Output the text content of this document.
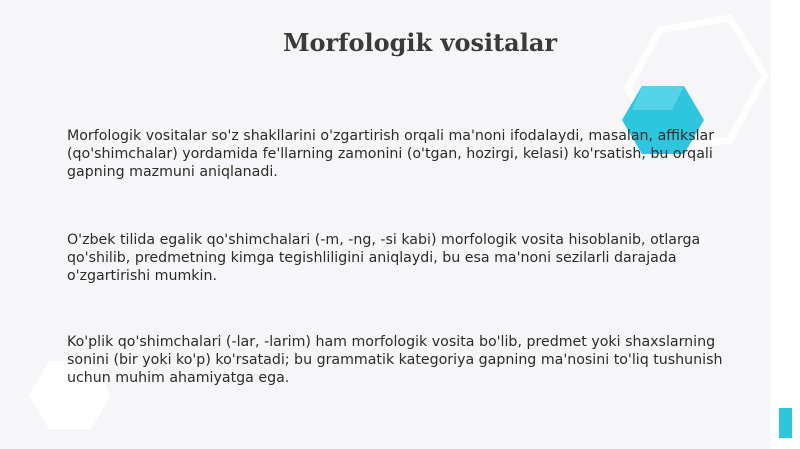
Morfologik vositalar

Morfologik vositalar so'z shakllarini o'zgartirish orqali ma'noni ifodalaydi, masalan, affikslar (qo'shimchalar) yordamida fe'llarning zamonini (o'tgan, hozirgi, kelasi) ko'rsatish, bu orqali gapning mazmuni aniqlanadi.

O'zbek tilida egalik qo'shimchalari (-m, -ng, -si kabi) morfologik vosita hisoblanib, otlarga qo'shilib, predmetning kimga tegishliligini aniqlaydi, bu esa ma'noni sezilarli darajada o'zgartirishi mumkin.

Ko'plik qo'shimchalari (-lar, -larim) ham morfologik vosita bo'lib, predmet yoki shaxslarning sonini (bir yoki ko'p) ko'rsatadi; bu grammatik kategoriya gapning ma'nosini to'liq tushunish uchun muhim ahamiyatga ega.
